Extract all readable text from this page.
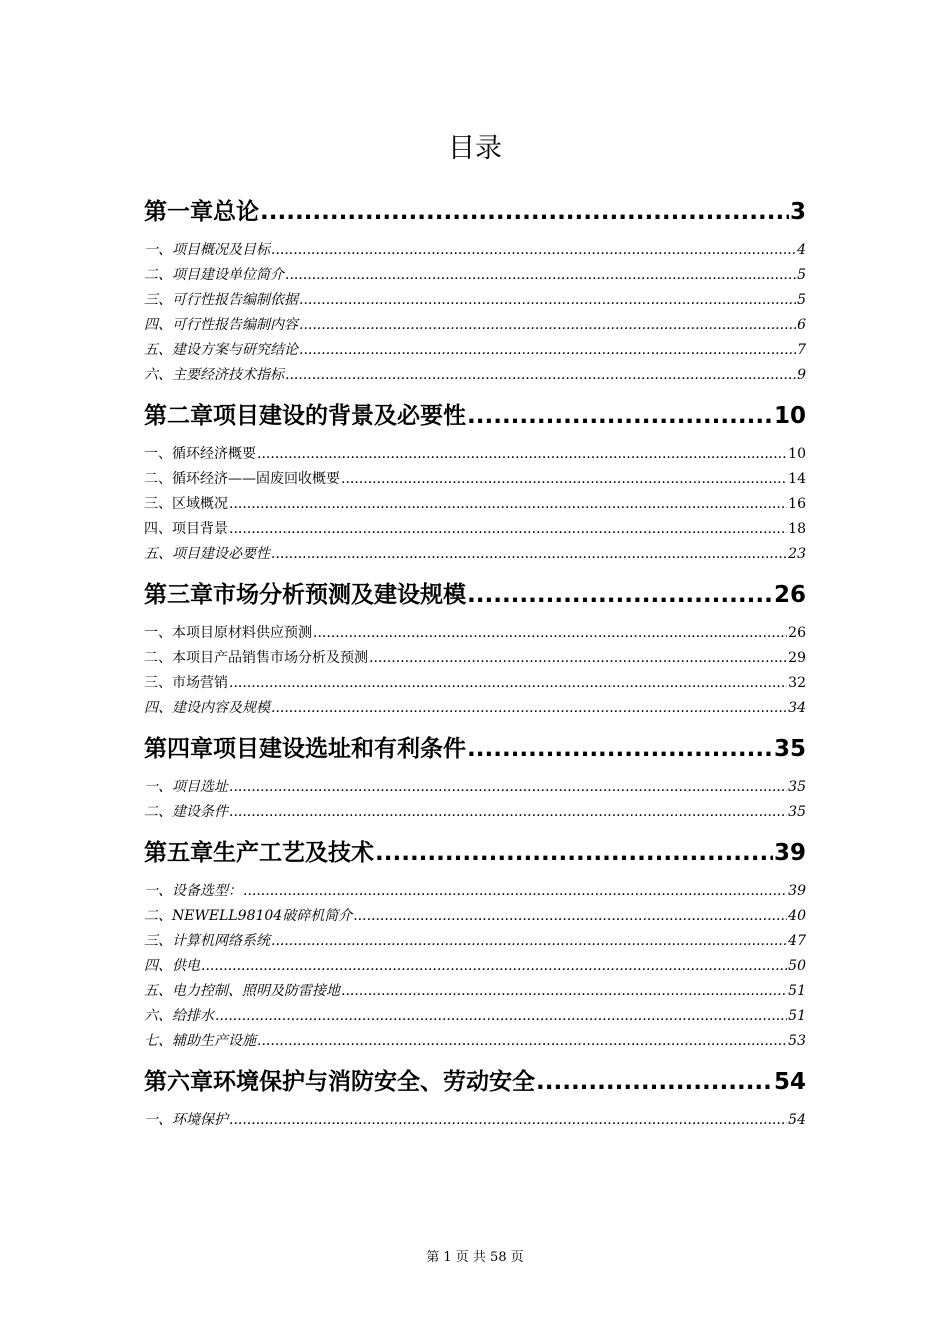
目录
第一章总论 .....	3
一、项目概况及目标 .....	4
二、项目建设单位简介 .....	5
三、可行性报告编制依据 .....	5
四、可行性报告编制内容 .....	6
五、建设方案与研究结论 .....	7
六、主要经济技术指标 .....	9
第二章项目建设的背景及必要性 .....	10
一、循环经济概要 .....	10
二、循环经济——固废回收概要 .....	14
三、区域概况 .....	16
四、项目背景 .....	18
五、项目建设必要性 .....	23
第三章市场分析预测及建设规模 .....	26
一、本项目原材料供应预测 .....	26
二、本项目产品销售市场分析及预测 .....	29
三、市场营销 .....	32
四、建设内容及规模 .....	34
第四章项目建设选址和有利条件 .....	35
一、项目选址 .....	35
二、建设条件 .....	35
第五章生产工艺及技术 .....	39
一、设备选型： .....	39
二、NEWELL98104破碎机简介 .....	40
三、计算机网络系统 .....	47
四、供电 .....	50
五、电力控制、照明及防雷接地 .....	51
六、给排水 .....	51
七、辅助生产设施 .....	53
第六章环境保护与消防安全、劳动安全 .....	54
一、环境保护 .....	54
第 1 页 共 58 页
